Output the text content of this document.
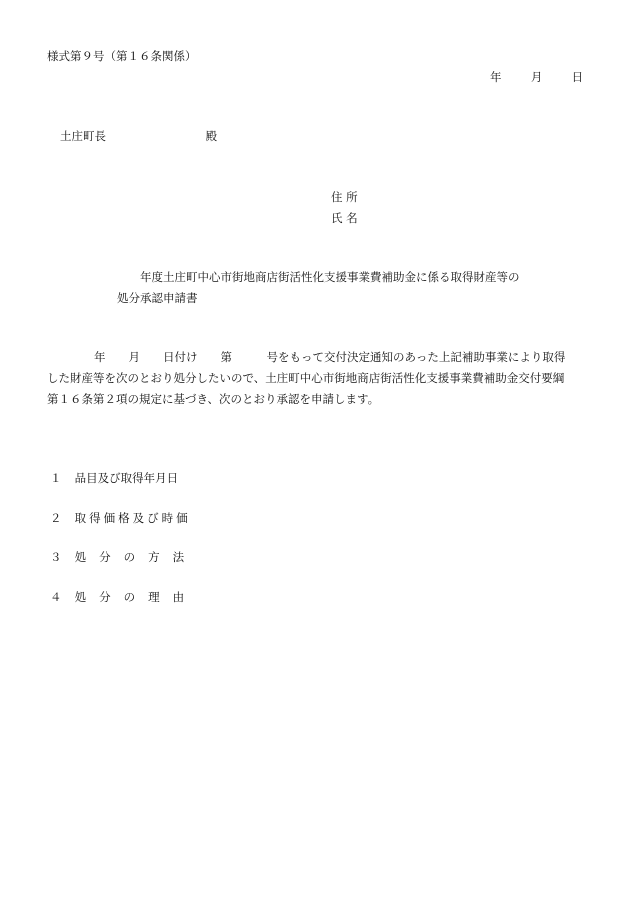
様式第９号（第１６条関係）
年	月	日
土庄町長	殿
住 所
氏 名
年度土庄町中心市街地商店街活性化支援事業費補助金に係る取得財産等の
処分承認申請書
年　　月　　日付け　　第　　　号をもって交付決定通知のあった上記補助事業により取得
した財産等を次のとおり処分したいので、土庄町中心市街地商店街活性化支援事業費補助金交付要綱
第１６条第２項の規定に基づき、次のとおり承認を申請します。
１ 品目及び取得年月日
２ 取得価格及び時価
３ 処分の方法
４ 処分の理由
